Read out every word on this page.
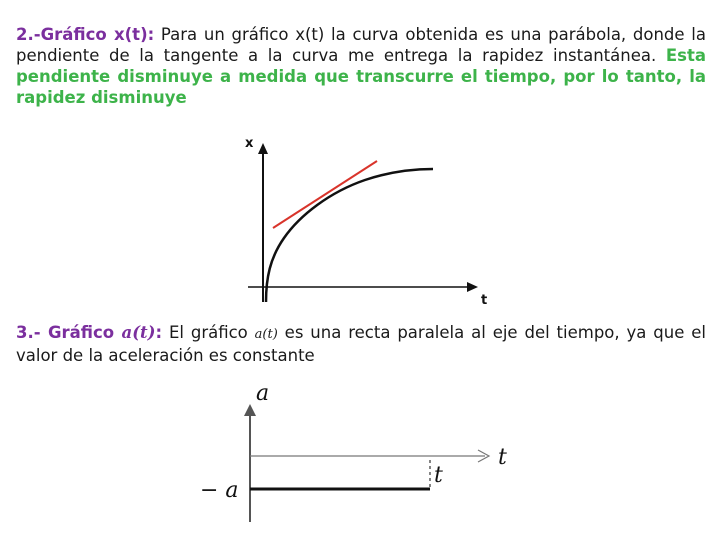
2.-Gráfico x(t): Para un gráfico x(t) la curva obtenida es una parábola, donde la pendiente de la tangente a la curva me entrega la rapidez instantánea. Esta pendiente disminuye a medida que transcurre el tiempo, por lo tanto, la rapidez disminuye
x
t
a
t
− a
t
3.- Gráfico a(t): El gráfico a(t) es una recta paralela al eje del tiempo, ya que el valor de la aceleración es constante
